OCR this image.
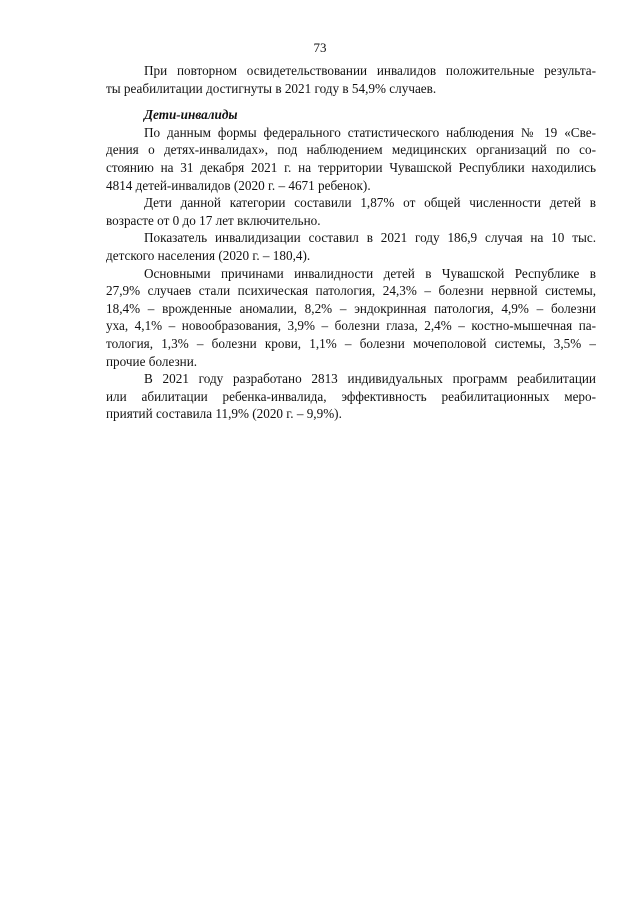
73
При повторном освидетельствовании инвалидов положительные результа-
ты реабилитации достигнуты в 2021 году в 54,9% случаев.
Дети-инвалиды
По данным формы федерального статистического наблюдения № 19 «Све-
дения о детях-инвалидах», под наблюдением медицинских организаций по со-
стоянию на 31 декабря 2021 г. на территории Чувашской Республики находились
4814 детей-инвалидов (2020 г. – 4671 ребенок).
Дети данной категории составили 1,87% от общей численности детей в
возрасте от 0 до 17 лет включительно.
Показатель инвалидизации составил в 2021 году 186,9 случая на 10 тыс.
детского населения (2020 г. – 180,4).
Основными причинами инвалидности детей в Чувашской Республике в
27,9% случаев стали психическая патология, 24,3% – болезни нервной системы,
18,4% – врожденные аномалии, 8,2% – эндокринная патология, 4,9% – болезни
уха, 4,1% – новообразования, 3,9% – болезни глаза, 2,4% – костно-мышечная па-
тология, 1,3% – болезни крови, 1,1% – болезни мочеполовой системы, 3,5% –
прочие болезни.
В 2021 году разработано 2813 индивидуальных программ реабилитации
или абилитации ребенка-инвалида, эффективность реабилитационных меро-
приятий составила 11,9% (2020 г. – 9,9%).
